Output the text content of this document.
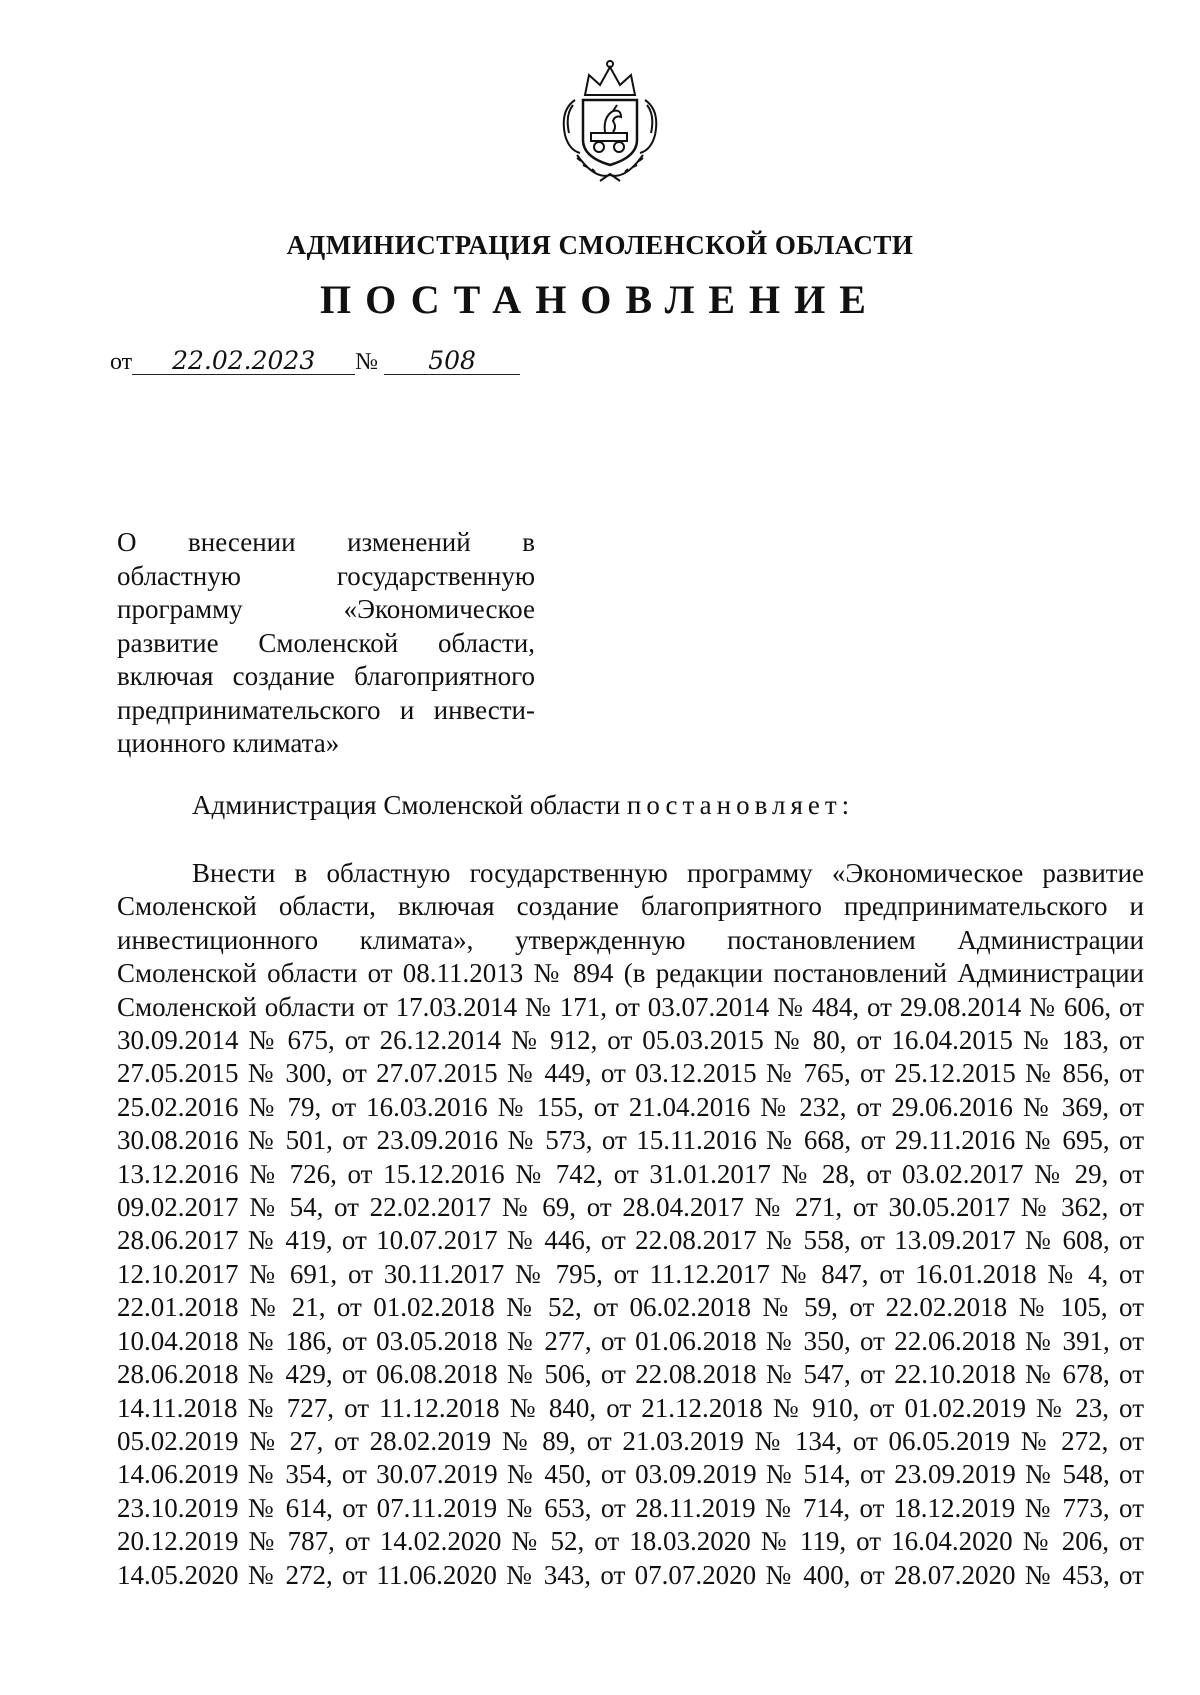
АДМИНИСТРАЦИЯ СМОЛЕНСКОЙ ОБЛАСТИ
ПОСТАНОВЛЕНИЕ
от 22.02.2023 № 508
О внесении изменений в
областную государственную
программу «Экономическое
развитие Смоленской области,
включая создание благоприятного
предпринимательского и инвести-
ционного климата»
Администрация Смоленской области постановляет:
Внести в областную государственную программу «Экономическое развитие
Смоленской области, включая создание благоприятного предпринимательского и
инвестиционного климата», утвержденную постановлением Администрации
Смоленской области от 08.11.2013 № 894 (в редакции постановлений Администрации
Смоленской области от 17.03.2014 № 171, от 03.07.2014 № 484, от 29.08.2014 № 606, от
30.09.2014 № 675, от 26.12.2014 № 912, от 05.03.2015 № 80, от 16.04.2015 № 183, от
27.05.2015 № 300, от 27.07.2015 № 449, от 03.12.2015 № 765, от 25.12.2015 № 856, от
25.02.2016 № 79, от 16.03.2016 № 155, от 21.04.2016 № 232, от 29.06.2016 № 369, от
30.08.2016 № 501, от 23.09.2016 № 573, от 15.11.2016 № 668, от 29.11.2016 № 695, от
13.12.2016 № 726, от 15.12.2016 № 742, от 31.01.2017 № 28, от 03.02.2017 № 29, от
09.02.2017 № 54, от 22.02.2017 № 69, от 28.04.2017 № 271, от 30.05.2017 № 362, от
28.06.2017 № 419, от 10.07.2017 № 446, от 22.08.2017 № 558, от 13.09.2017 № 608, от
12.10.2017 № 691, от 30.11.2017 № 795, от 11.12.2017 № 847, от 16.01.2018 № 4, от
22.01.2018 № 21, от 01.02.2018 № 52, от 06.02.2018 № 59, от 22.02.2018 № 105, от
10.04.2018 № 186, от 03.05.2018 № 277, от 01.06.2018 № 350, от 22.06.2018 № 391, от
28.06.2018 № 429, от 06.08.2018 № 506, от 22.08.2018 № 547, от 22.10.2018 № 678, от
14.11.2018 № 727, от 11.12.2018 № 840, от 21.12.2018 № 910, от 01.02.2019 № 23, от
05.02.2019 № 27, от 28.02.2019 № 89, от 21.03.2019 № 134, от 06.05.2019 № 272, от
14.06.2019 № 354, от 30.07.2019 № 450, от 03.09.2019 № 514, от 23.09.2019 № 548, от
23.10.2019 № 614, от 07.11.2019 № 653, от 28.11.2019 № 714, от 18.12.2019 № 773, от
20.12.2019 № 787, от 14.02.2020 № 52, от 18.03.2020 № 119, от 16.04.2020 № 206, от
14.05.2020 № 272, от 11.06.2020 № 343, от 07.07.2020 № 400, от 28.07.2020 № 453, от
